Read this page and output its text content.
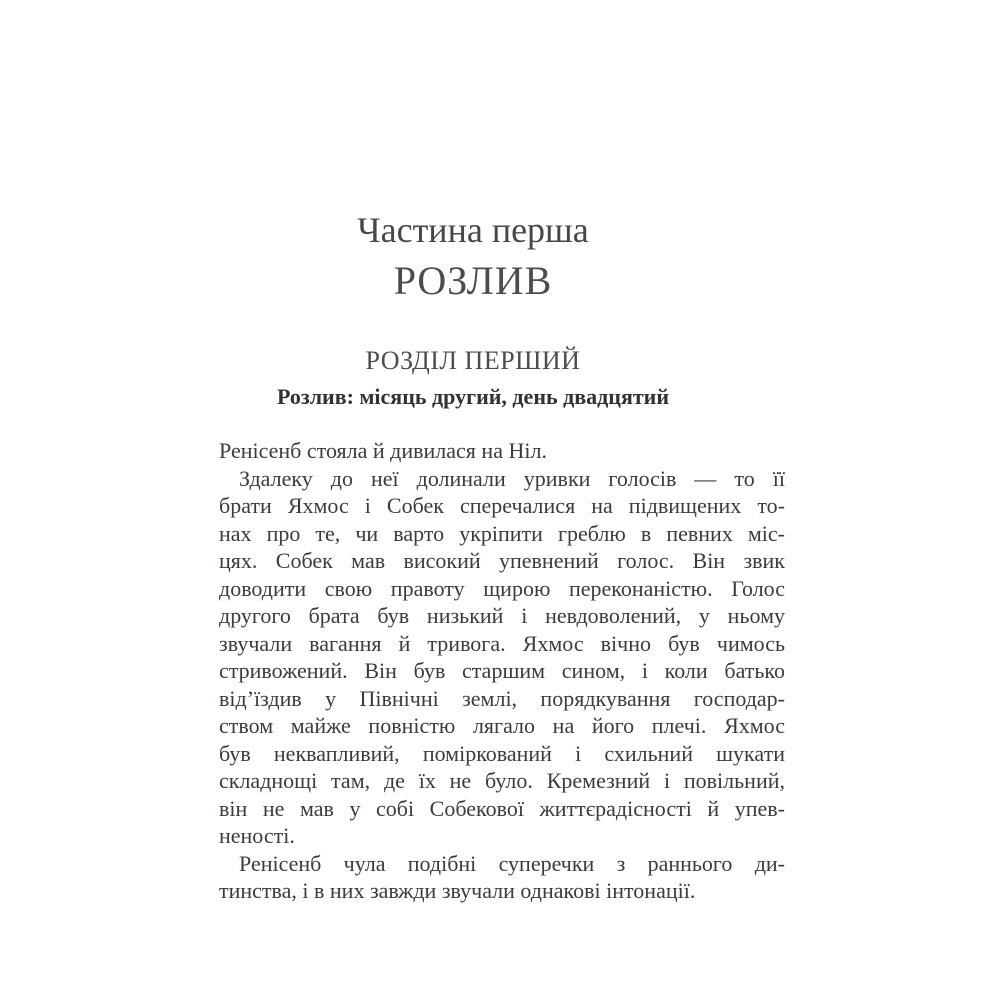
Частина перша
РОЗЛИВ
РОЗДІЛ ПЕРШИЙ
Розлив: місяць другий, день двадцятий
Ренісенб стояла й дивилася на Ніл.
Здалеку до неї долинали уривки голосів — то її
брати Яхмос і Собек сперечалися на підвищених то-
нах про те, чи варто укріпити греблю в певних міс-
цях. Собек мав високий упевнений голос. Він звик
доводити свою правоту щирою переконаністю. Голос
другого брата був низький і невдоволений, у ньому
звучали вагання й тривога. Яхмос вічно був чимось
стривожений. Він був старшим сином, і коли батько
від’їздив у Північні землі, порядкування господар-
ством майже повністю лягало на його плечі. Яхмос
був неквапливий, поміркований і схильний шукати
складнощі там, де їх не було. Кремезний і повільний,
він не мав у собі Собекової життєрадісності й упев-
неності.
Ренісенб чула подібні суперечки з раннього ди-
тинства, і в них завжди звучали однакові інтонації.
